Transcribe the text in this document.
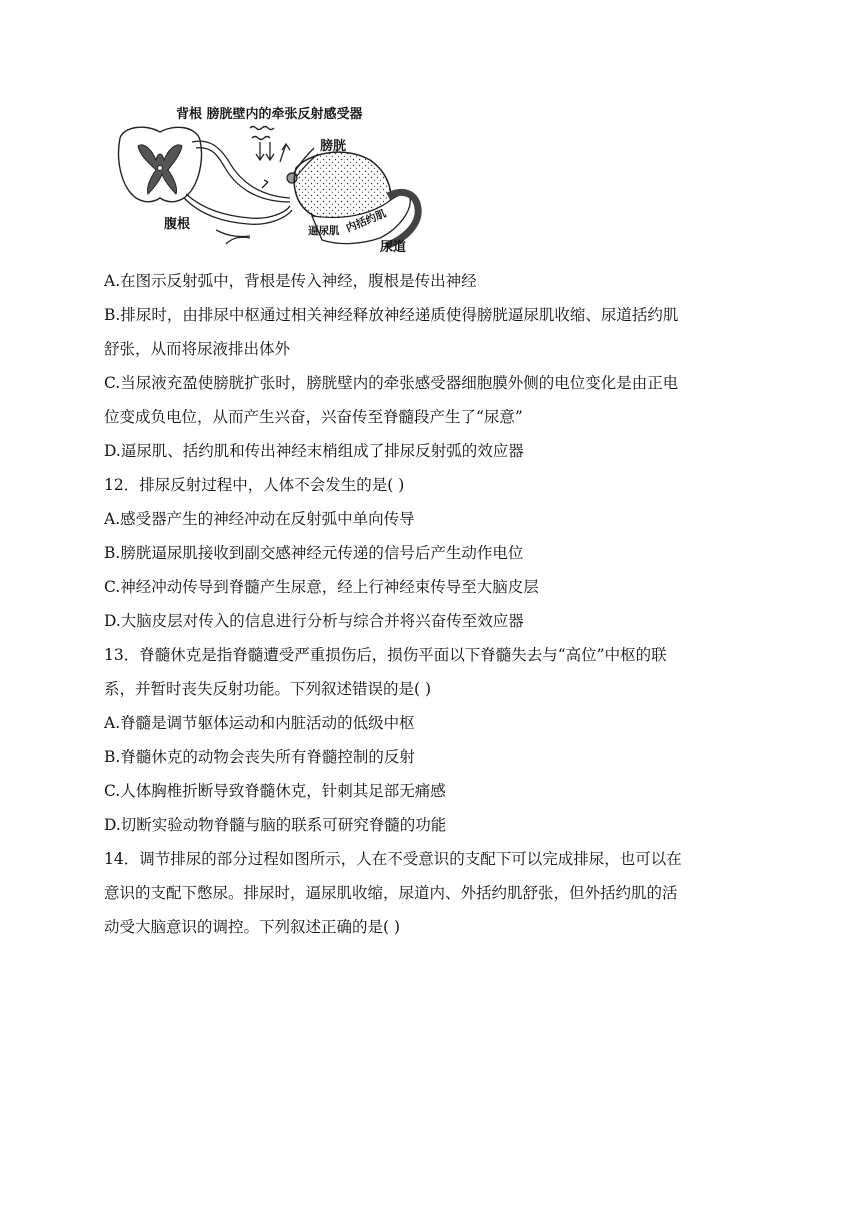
背根 膀胱壁内的牵张反射感受器
膀胱
腹根	逼尿肌 内括约肌
尿道
A.在图示反射弧中，背根是传入神经，腹根是传出神经
B.排尿时，由排尿中枢通过相关神经释放神经递质使得膀胱逼尿肌收缩、尿道括约肌
舒张，从而将尿液排出体外
C.当尿液充盈使膀胱扩张时，膀胱壁内的牵张感受器细胞膜外侧的电位变化是由正电
位变成负电位，从而产生兴奋，兴奋传至脊髓段产生了“尿意”
D.逼尿肌、括约肌和传出神经末梢组成了排尿反射弧的效应器
12．排尿反射过程中，人体不会发生的是( )
A.感受器产生的神经冲动在反射弧中单向传导
B.膀胱逼尿肌接收到副交感神经元传递的信号后产生动作电位
C.神经冲动传导到脊髓产生尿意，经上行神经束传导至大脑皮层
D.大脑皮层对传入的信息进行分析与综合并将兴奋传至效应器
13．脊髓休克是指脊髓遭受严重损伤后，损伤平面以下脊髓失去与“高位”中枢的联
系，并暂时丧失反射功能。下列叙述错误的是( )
A.脊髓是调节躯体运动和内脏活动的低级中枢
B.脊髓休克的动物会丧失所有脊髓控制的反射
C.人体胸椎折断导致脊髓休克，针刺其足部无痛感
D.切断实验动物脊髓与脑的联系可研究脊髓的功能
14．调节排尿的部分过程如图所示，人在不受意识的支配下可以完成排尿，也可以在
意识的支配下憋尿。排尿时，逼尿肌收缩，尿道内、外括约肌舒张，但外括约肌的活
动受大脑意识的调控。下列叙述正确的是( )
